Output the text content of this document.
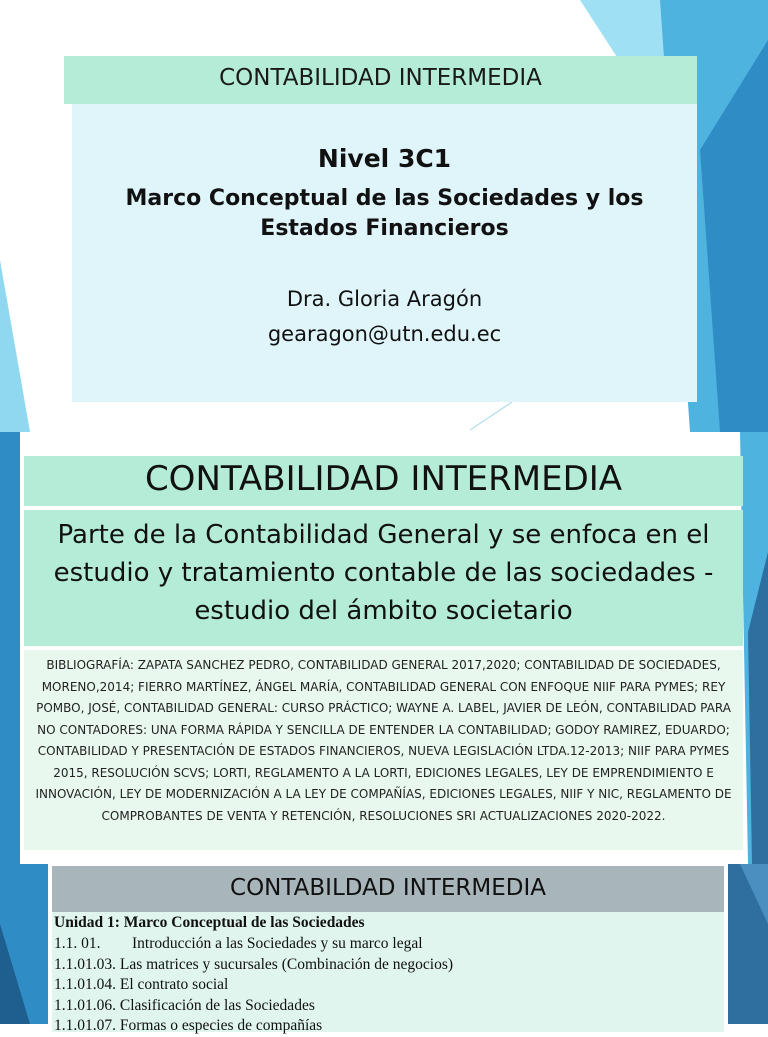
CONTABILIDAD INTERMEDIA
Nivel 3C1
Marco Conceptual de las Sociedades y los Estados Financieros
Dra. Gloria Aragón
gearagon@utn.edu.ec
CONTABILIDAD INTERMEDIA
Parte de la Contabilidad General y se enfoca en el estudio y tratamiento contable de las sociedades - estudio del ámbito societario
BIBLIOGRAFÍA: ZAPATA SANCHEZ PEDRO, CONTABILIDAD GENERAL 2017,2020; CONTABILIDAD DE SOCIEDADES, MORENO,2014; FIERRO MARTÍNEZ, ÁNGEL MARÍA, CONTABILIDAD GENERAL CON ENFOQUE NIIF PARA PYMES; REY POMBO, JOSÉ, CONTABILIDAD GENERAL: CURSO PRÁCTICO; WAYNE A. LABEL, JAVIER DE LEÓN, CONTABILIDAD PARA NO CONTADORES: UNA FORMA RÁPIDA Y SENCILLA DE ENTENDER LA CONTABILIDAD; GODOY RAMIREZ, EDUARDO; CONTABILIDAD Y PRESENTACIÓN DE ESTADOS FINANCIEROS, NUEVA LEGISLACIÓN LTDA.12-2013; NIIF PARA PYMES 2015, RESOLUCIÓN SCVS; LORTI, REGLAMENTO A LA LORTI, EDICIONES LEGALES, LEY DE EMPRENDIMIENTO E INNOVACIÓN, LEY DE MODERNIZACIÓN A LA LEY DE COMPAÑÍAS, EDICIONES LEGALES, NIIF Y NIC, REGLAMENTO DE COMPROBANTES DE VENTA Y RETENCIÓN, RESOLUCIONES SRI ACTUALIZACIONES 2020-2022.
CONTABILDAD INTERMEDIA
Unidad 1: Marco Conceptual de las Sociedades
1.1. 01. Introducción a las Sociedades y su marco legal
1.1.01.03. Las matrices y sucursales (Combinación de negocios)
1.1.01.04. El contrato social
1.1.01.06. Clasificación de las Sociedades
1.1.01.07. Formas o especies de compañías
